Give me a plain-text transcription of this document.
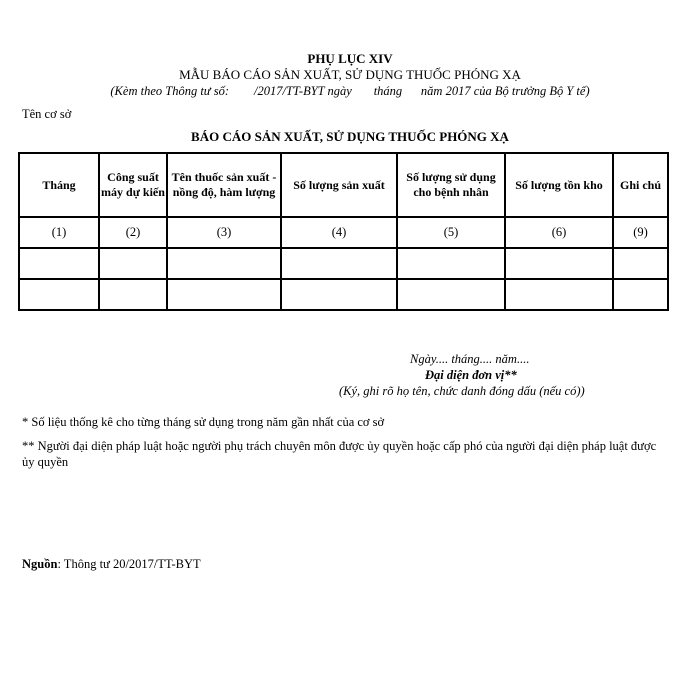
PHỤ LỤC XIV
MẪU BÁO CÁO SẢN XUẤT, SỬ DỤNG THUỐC PHÓNG XẠ
(Kèm theo Thông tư số:        /2017/TT-BYT ngày       tháng      năm 2017 của Bộ trưởng Bộ Y tế)
Tên cơ sở
BÁO CÁO SẢN XUẤT, SỬ DỤNG THUỐC PHÓNG XẠ
Tháng	Công suất máy dự kiến	Tên thuốc sản xuất - nồng độ, hàm lượng	Số lượng sản xuất	Số lượng sử dụng cho bệnh nhân	Số lượng tồn kho	Ghi chú
(1)	(2)	(3)	(4)	(5)	(6)	(9)

Ngày.... tháng.... năm....
Đại diện đơn vị**
(Ký, ghi rõ họ tên, chức danh đóng dấu (nếu có))
* Số liệu thống kê cho từng tháng sử dụng trong năm gần nhất của cơ sở
** Người đại diện pháp luật hoặc người phụ trách chuyên môn được ủy quyền hoặc cấp phó của người đại diện pháp luật được ủy quyền
Nguồn: Thông tư 20/2017/TT-BYT
